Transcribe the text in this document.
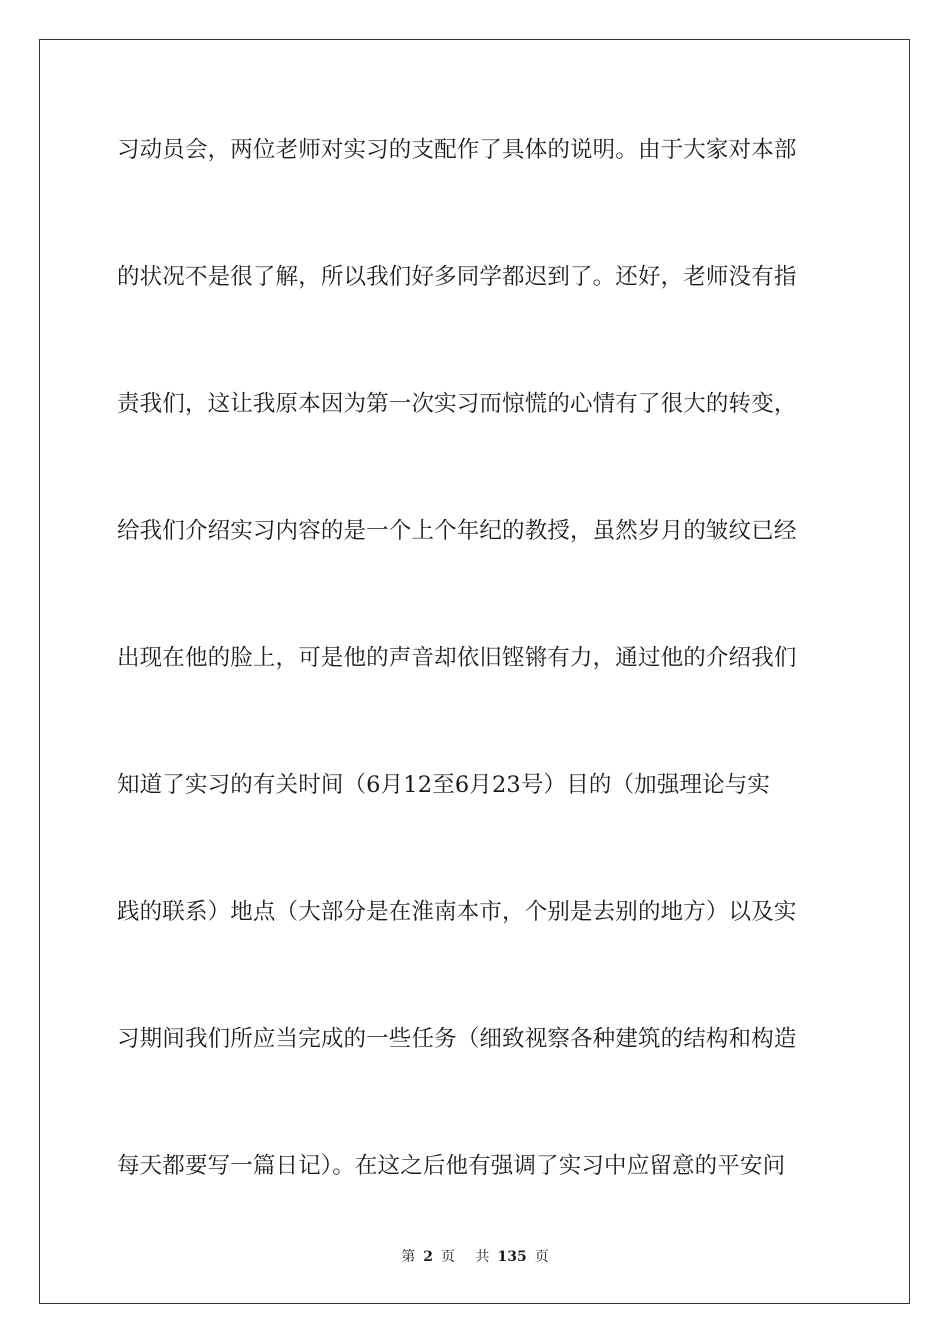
习动员会，两位老师对实习的支配作了具体的说明。由于大家对本部
的状况不是很了解，所以我们好多同学都迟到了。还好，老师没有指
责我们，这让我原本因为第一次实习而惊慌的心情有了很大的转变，
给我们介绍实习内容的是一个上个年纪的教授，虽然岁月的皱纹已经
出现在他的脸上，可是他的声音却依旧铿锵有力，通过他的介绍我们
知道了实习的有关时间（6月12至6月23号）目的（加强理论与实
践的联系）地点（大部分是在淮南本市，个别是去别的地方）以及实
习期间我们所应当完成的一些任务（细致视察各种建筑的结构和构造
每天都要写一篇日记）。在这之后他有强调了实习中应留意的平安问
第 2 页 共 135 页
